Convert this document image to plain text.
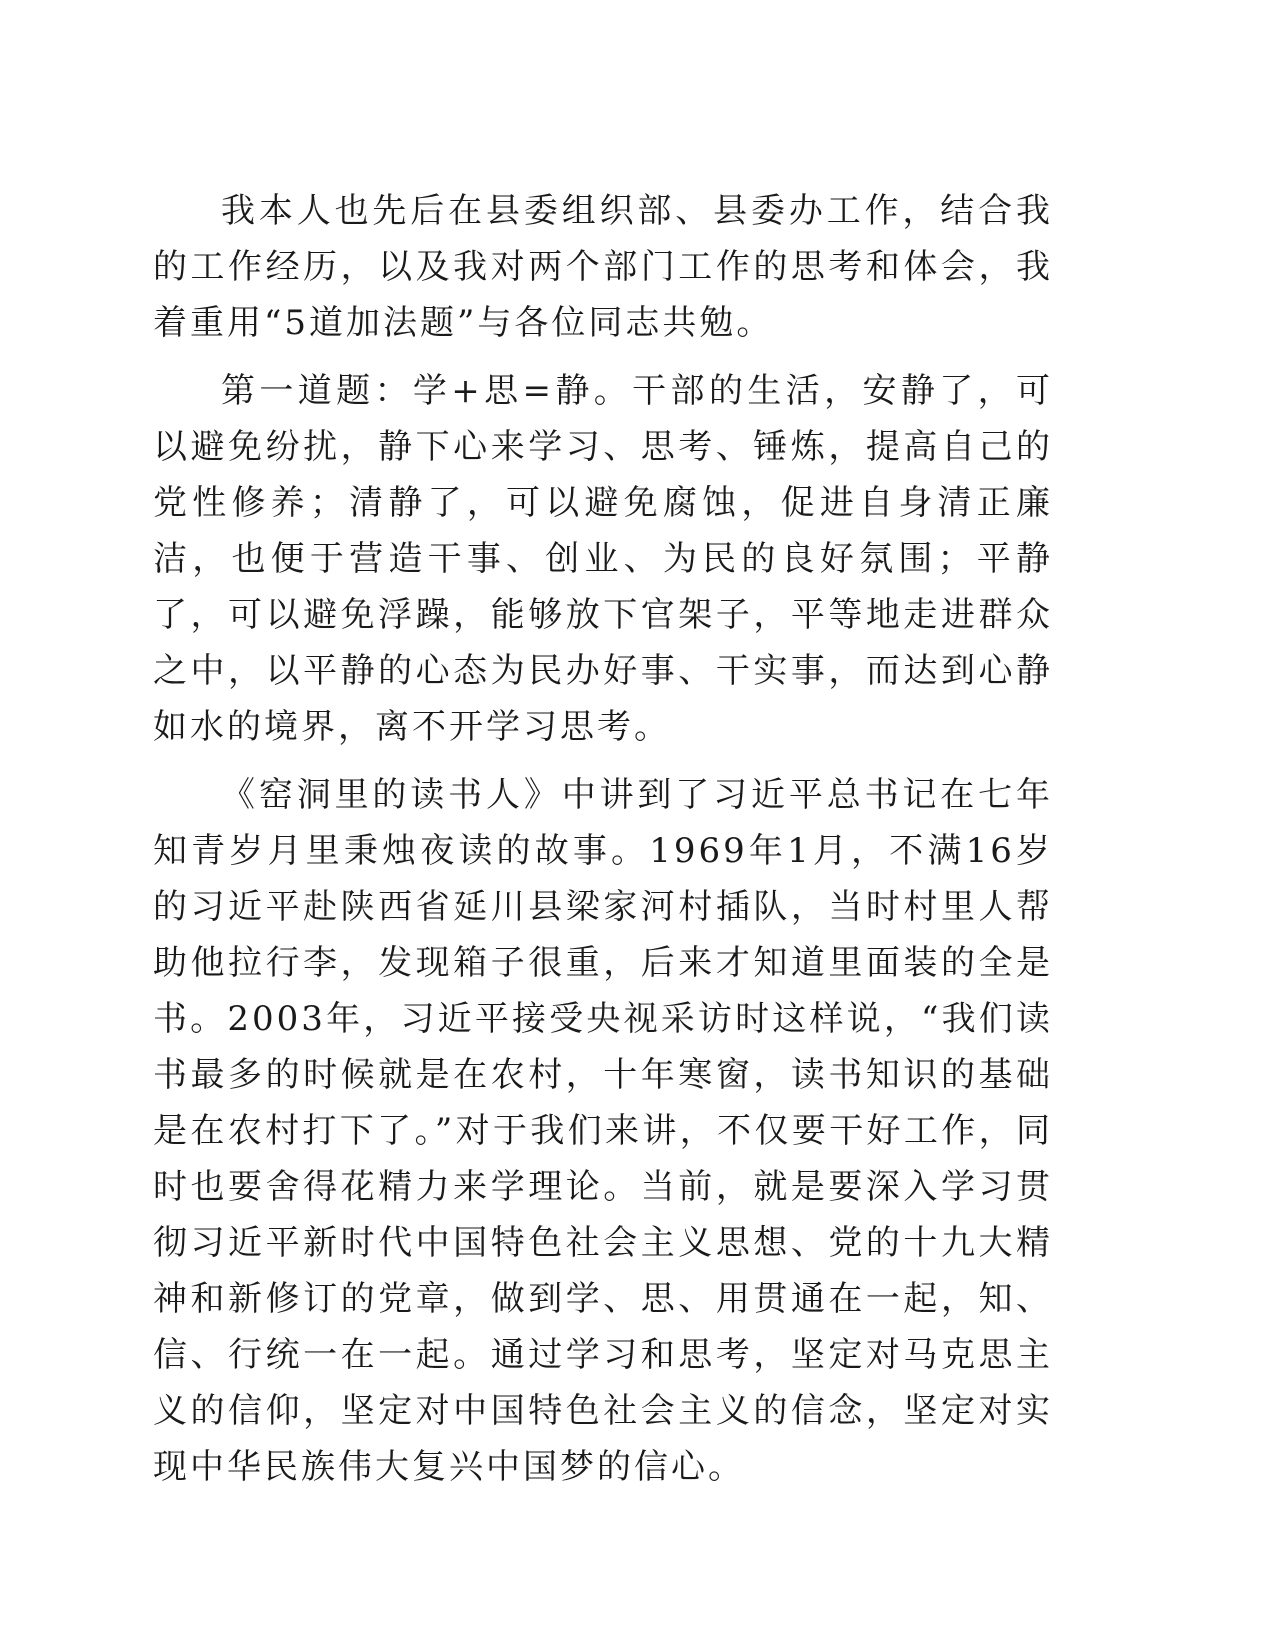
我本人也先后在县委组织部、县委办工作，结合我的工作经历，以及我对两个部门工作的思考和体会，我着重用“5道加法题”与各位同志共勉。

第一道题：学+思=静。干部的生活，安静了，可以避免纷扰，静下心来学习、思考、锤炼，提高自己的党性修养；清静了，可以避免腐蚀，促进自身清正廉洁，也便于营造干事、创业、为民的良好氛围；平静了，可以避免浮躁，能够放下官架子，平等地走进群众之中，以平静的心态为民办好事、干实事，而达到心静如水的境界，离不开学习思考。

《窑洞里的读书人》中讲到了习近平总书记在七年知青岁月里秉烛夜读的故事。1969年1月，不满16岁的习近平赴陕西省延川县梁家河村插队，当时村里人帮助他拉行李，发现箱子很重，后来才知道里面装的全是书。2003年，习近平接受央视采访时这样说，“我们读书最多的时候就是在农村，十年寒窗，读书知识的基础是在农村打下了。”对于我们来讲，不仅要干好工作，同时也要舍得花精力来学理论。当前，就是要深入学习贯彻习近平新时代中国特色社会主义思想、党的十九大精神和新修订的党章，做到学、思、用贯通在一起，知、信、行统一在一起。通过学习和思考，坚定对马克思主义的信仰，坚定对中国特色社会主义的信念，坚定对实现中华民族伟大复兴中国梦的信心。
